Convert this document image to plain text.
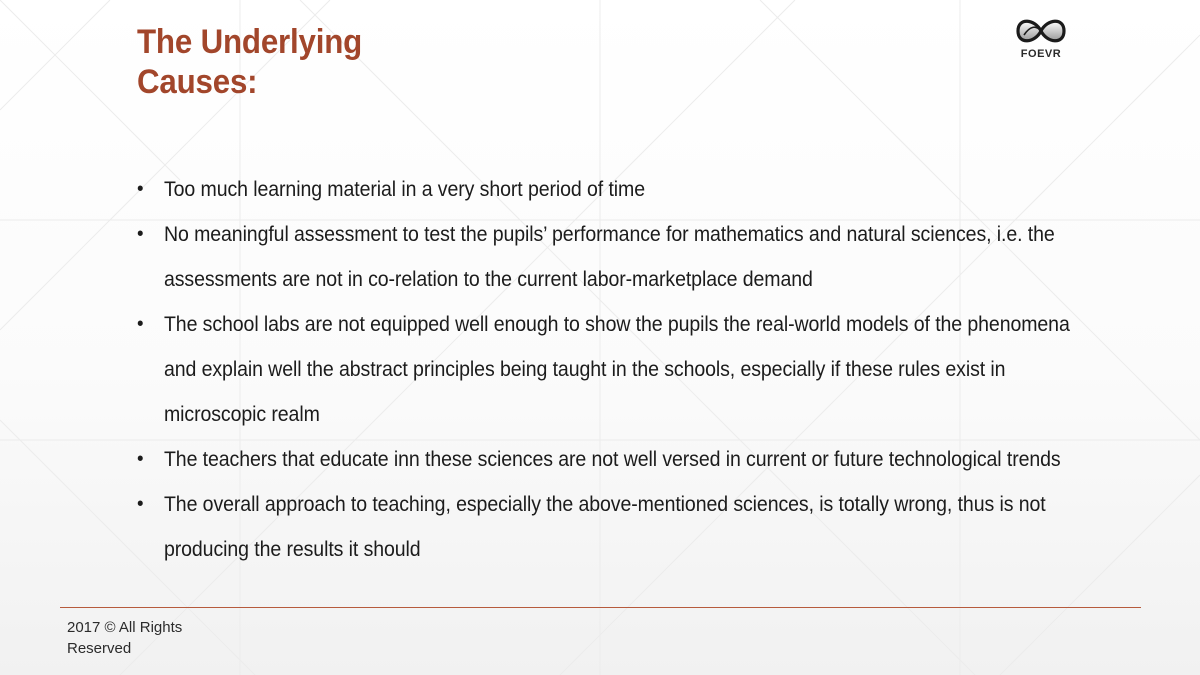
The Underlying
Causes:
FOEVR
• Too much learning material in a very short period of time
• No meaningful assessment to test the pupils’ performance for mathematics and natural sciences, i.e. the assessments are not in co-relation to the current labor-marketplace demand
• The school labs are not equipped well enough to show the pupils the real-world models of the phenomena and explain well the abstract principles being taught in the schools, especially if these rules exist in microscopic realm
• The teachers that educate inn these sciences are not well versed in current or future technological trends
• The overall approach to teaching, especially the above-mentioned sciences, is totally wrong, thus is not producing the results it should
2017 © All Rights
Reserved
